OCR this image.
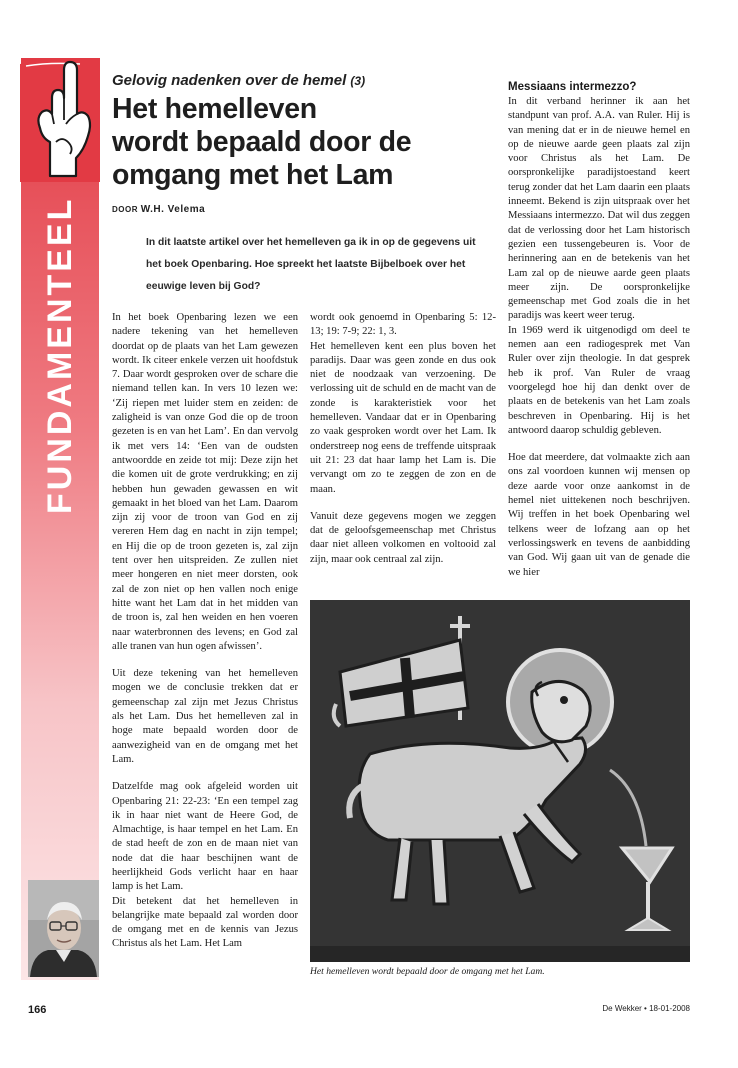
FUNDAMENTEEL
Gelovig nadenken over de hemel (3)
Het hemelleven
wordt bepaald door de
omgang met het Lam
DOOR W.H. Velema
In dit laatste artikel over het hemelleven ga ik in op de gegevens uit het boek Openbaring. Hoe spreekt het laatste Bijbelboek over het eeuwige leven bij God?

In het boek Openbaring lezen we een nadere tekening van het hemelleven doordat op de plaats van het Lam gewezen wordt. Ik citeer enkele verzen uit hoofdstuk 7. Daar wordt gesproken over de schare die niemand tellen kan. In vers 10 lezen we: ‘Zij riepen met luider stem en zeiden: de zaligheid is van onze God die op de troon gezeten is en van het Lam’. En dan vervolg ik met vers 14: ‘Een van de oudsten antwoordde en zeide tot mij: Deze zijn het die komen uit de grote verdrukking; en zij hebben hun gewaden gewassen en wit gemaakt in het bloed van het Lam. Daarom zijn zij voor de troon van God en zij vereren Hem dag en nacht in zijn tempel; en Hij die op de troon gezeten is, zal zijn tent over hen uitspreiden. Ze zullen niet meer hongeren en niet meer dorsten, ook zal de zon niet op hen vallen noch enige hitte want het Lam dat in het midden van de troon is, zal hen weiden en hen voeren naar waterbronnen des levens; en God zal alle tranen van hun ogen afwissen’.

Uit deze tekening van het hemelleven mogen we de conclusie trekken dat er gemeenschap zal zijn met Jezus Christus als het Lam. Dus het hemelleven zal in hoge mate bepaald worden door de aanwezigheid van en de omgang met het Lam.

Datzelfde mag ook afgeleid worden uit Openbaring 21: 22-23: ‘En een tempel zag ik in haar niet want de Heere God, de Almachtige, is haar tempel en het Lam. En de stad heeft de zon en de maan niet van node dat die haar beschijnen want de heerlijkheid Gods verlicht haar en haar lamp is het Lam.

Dit betekent dat het hemelleven in belangrijke mate bepaald zal worden door de omgang met en de kennis van Jezus Christus als het Lam. Het Lam

wordt ook genoemd in Openbaring 5: 12-13; 19: 7-9; 22: 1, 3.

Het hemelleven kent een plus boven het paradijs. Daar was geen zonde en dus ook niet de noodzaak van verzoening. De verlossing uit de schuld en de macht van de zonde is karakteristiek voor het hemelleven. Vandaar dat er in Openbaring zo vaak gesproken wordt over het Lam. Ik onderstreep nog eens de treffende uitspraak uit 21: 23 dat haar lamp het Lam is. Die vervangt om zo te zeggen de zon en de maan.

Vanuit deze gegevens mogen we zeggen dat de geloofsgemeenschap met Christus daar niet alleen volkomen en voltooid zal zijn, maar ook centraal zal zijn.

Messiaans intermezzo?

In dit verband herinner ik aan het standpunt van prof. A.A. van Ruler. Hij is van mening dat er in de nieuwe hemel en op de nieuwe aarde geen plaats zal zijn voor Christus als het Lam. De oorspronkelijke paradijstoestand keert terug zonder dat het Lam daarin een plaats inneemt. Bekend is zijn uitspraak over het Messiaans intermezzo. Dat wil dus zeggen dat de verlossing door het Lam historisch gezien een tussengebeuren is. Voor de herinnering aan en de betekenis van het Lam zal op de nieuwe aarde geen plaats meer zijn. De oorspronkelijke gemeenschap met God zoals die in het paradijs was keert weer terug.

In 1969 werd ik uitgenodigd om deel te nemen aan een radiogesprek met Van Ruler over zijn theologie. In dat gesprek heb ik prof. Van Ruler de vraag voorgelegd hoe hij dan denkt over de plaats en de betekenis van het Lam zoals beschreven in Openbaring. Hij is het antwoord daarop schuldig gebleven.

Hoe dat meerdere, dat volmaakte zich aan ons zal voordoen kunnen wij mensen op deze aarde voor onze aankomst in de hemel niet uittekenen noch beschrijven. Wij treffen in het boek Openbaring wel telkens weer de lofzang aan op het verlossingswerk en tevens de aanbidding van God. Wij gaan uit van de genade die we hier

Het hemelleven wordt bepaald door de omgang met het Lam.
166	De Wekker • 18-01-2008
